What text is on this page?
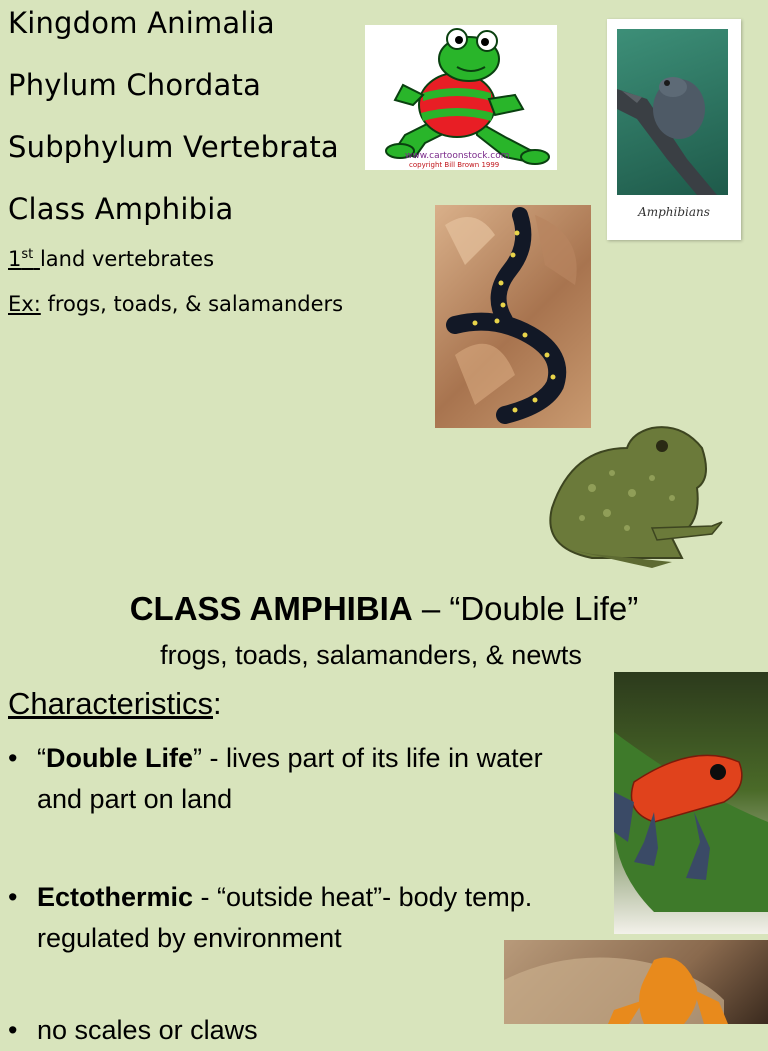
Kingdom Animalia
Phylum Chordata
Subphylum Vertebrata
Class Amphibia
1st land vertebrates
Ex: frogs, toads, & salamanders
www.cartoonstock.com
copyright Bill Brown 1999
Amphibians
CLASS AMPHIBIA – “Double Life”
frogs, toads, salamanders, & newts
Characteristics:
• “Double Life” - lives part of its life in water and part on land
• Ectothermic - “outside heat”- body temp. regulated by environment
• no scales or claws
